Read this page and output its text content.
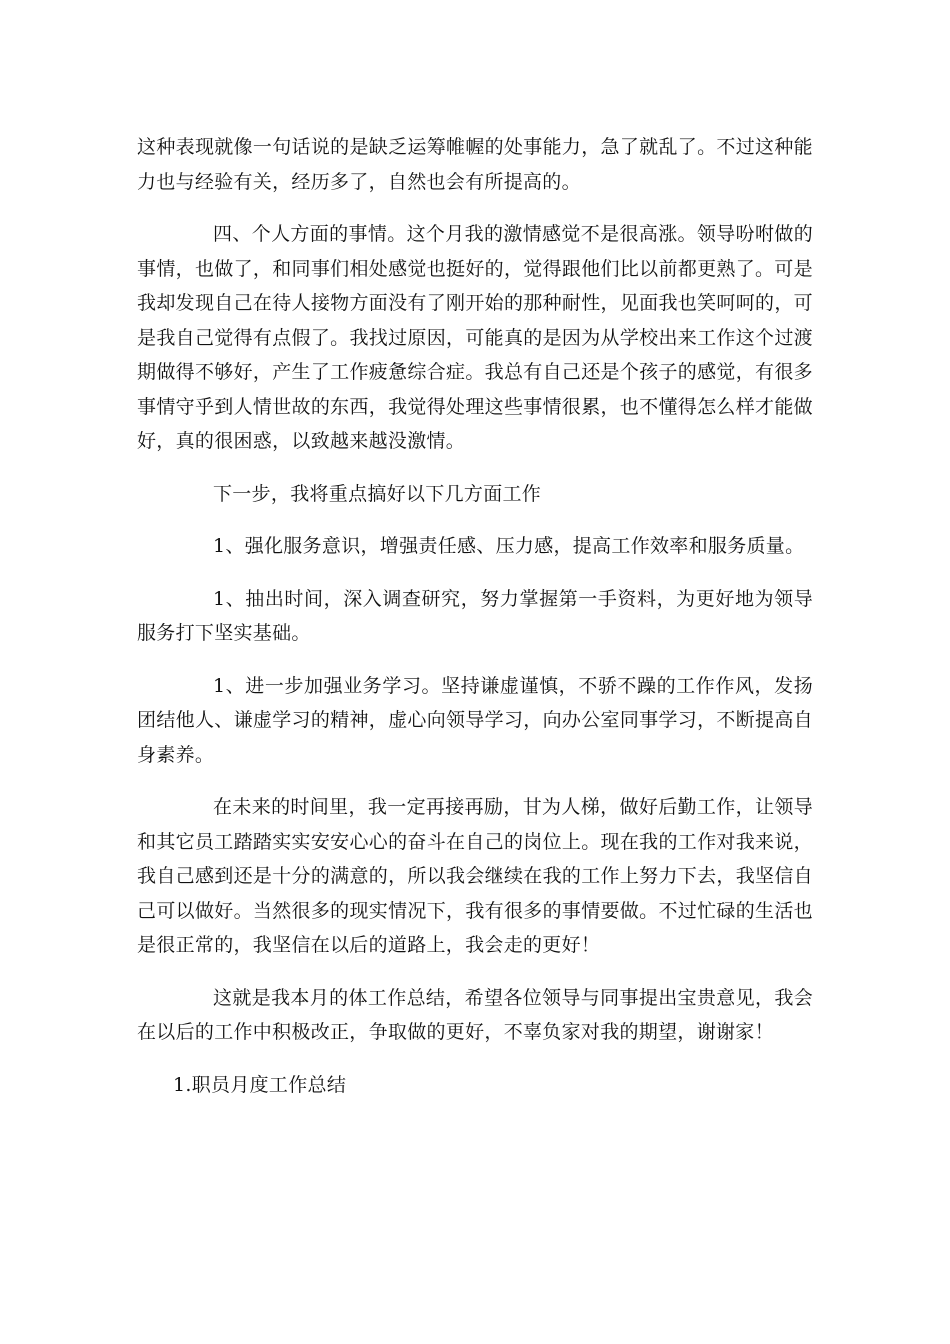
这种表现就像一句话说的是缺乏运筹帷幄的处事能力，急了就乱了。不过这种能力也与经验有关，经历多了，自然也会有所提高的。

四、个人方面的事情。这个月我的激情感觉不是很高涨。领导吩咐做的事情，也做了，和同事们相处感觉也挺好的，觉得跟他们比以前都更熟了。可是我却发现自己在待人接物方面没有了刚开始的那种耐性，见面我也笑呵呵的，可是我自己觉得有点假了。我找过原因，可能真的是因为从学校出来工作这个过渡期做得不够好，产生了工作疲惫综合症。我总有自己还是个孩子的感觉，有很多事情守乎到人情世故的东西，我觉得处理这些事情很累，也不懂得怎么样才能做好，真的很困惑，以致越来越没激情。

下一步，我将重点搞好以下几方面工作

1、强化服务意识，增强责任感、压力感，提高工作效率和服务质量。

1、抽出时间，深入调查研究，努力掌握第一手资料，为更好地为领导服务打下坚实基础。

1、进一步加强业务学习。坚持谦虚谨慎，不骄不躁的工作作风，发扬团结他人、谦虚学习的精神，虚心向领导学习，向办公室同事学习，不断提高自身素养。

在未来的时间里，我一定再接再励，甘为人梯，做好后勤工作，让领导和其它员工踏踏实实安安心心的奋斗在自己的岗位上。现在我的工作对我来说，我自己感到还是十分的满意的，所以我会继续在我的工作上努力下去，我坚信自己可以做好。当然很多的现实情况下，我有很多的事情要做。不过忙碌的生活也是很正常的，我坚信在以后的道路上，我会走的更好！

这就是我本月的体工作总结，希望各位领导与同事提出宝贵意见，我会在以后的工作中积极改正，争取做的更好，不辜负家对我的期望，谢谢家！

1.职员月度工作总结
